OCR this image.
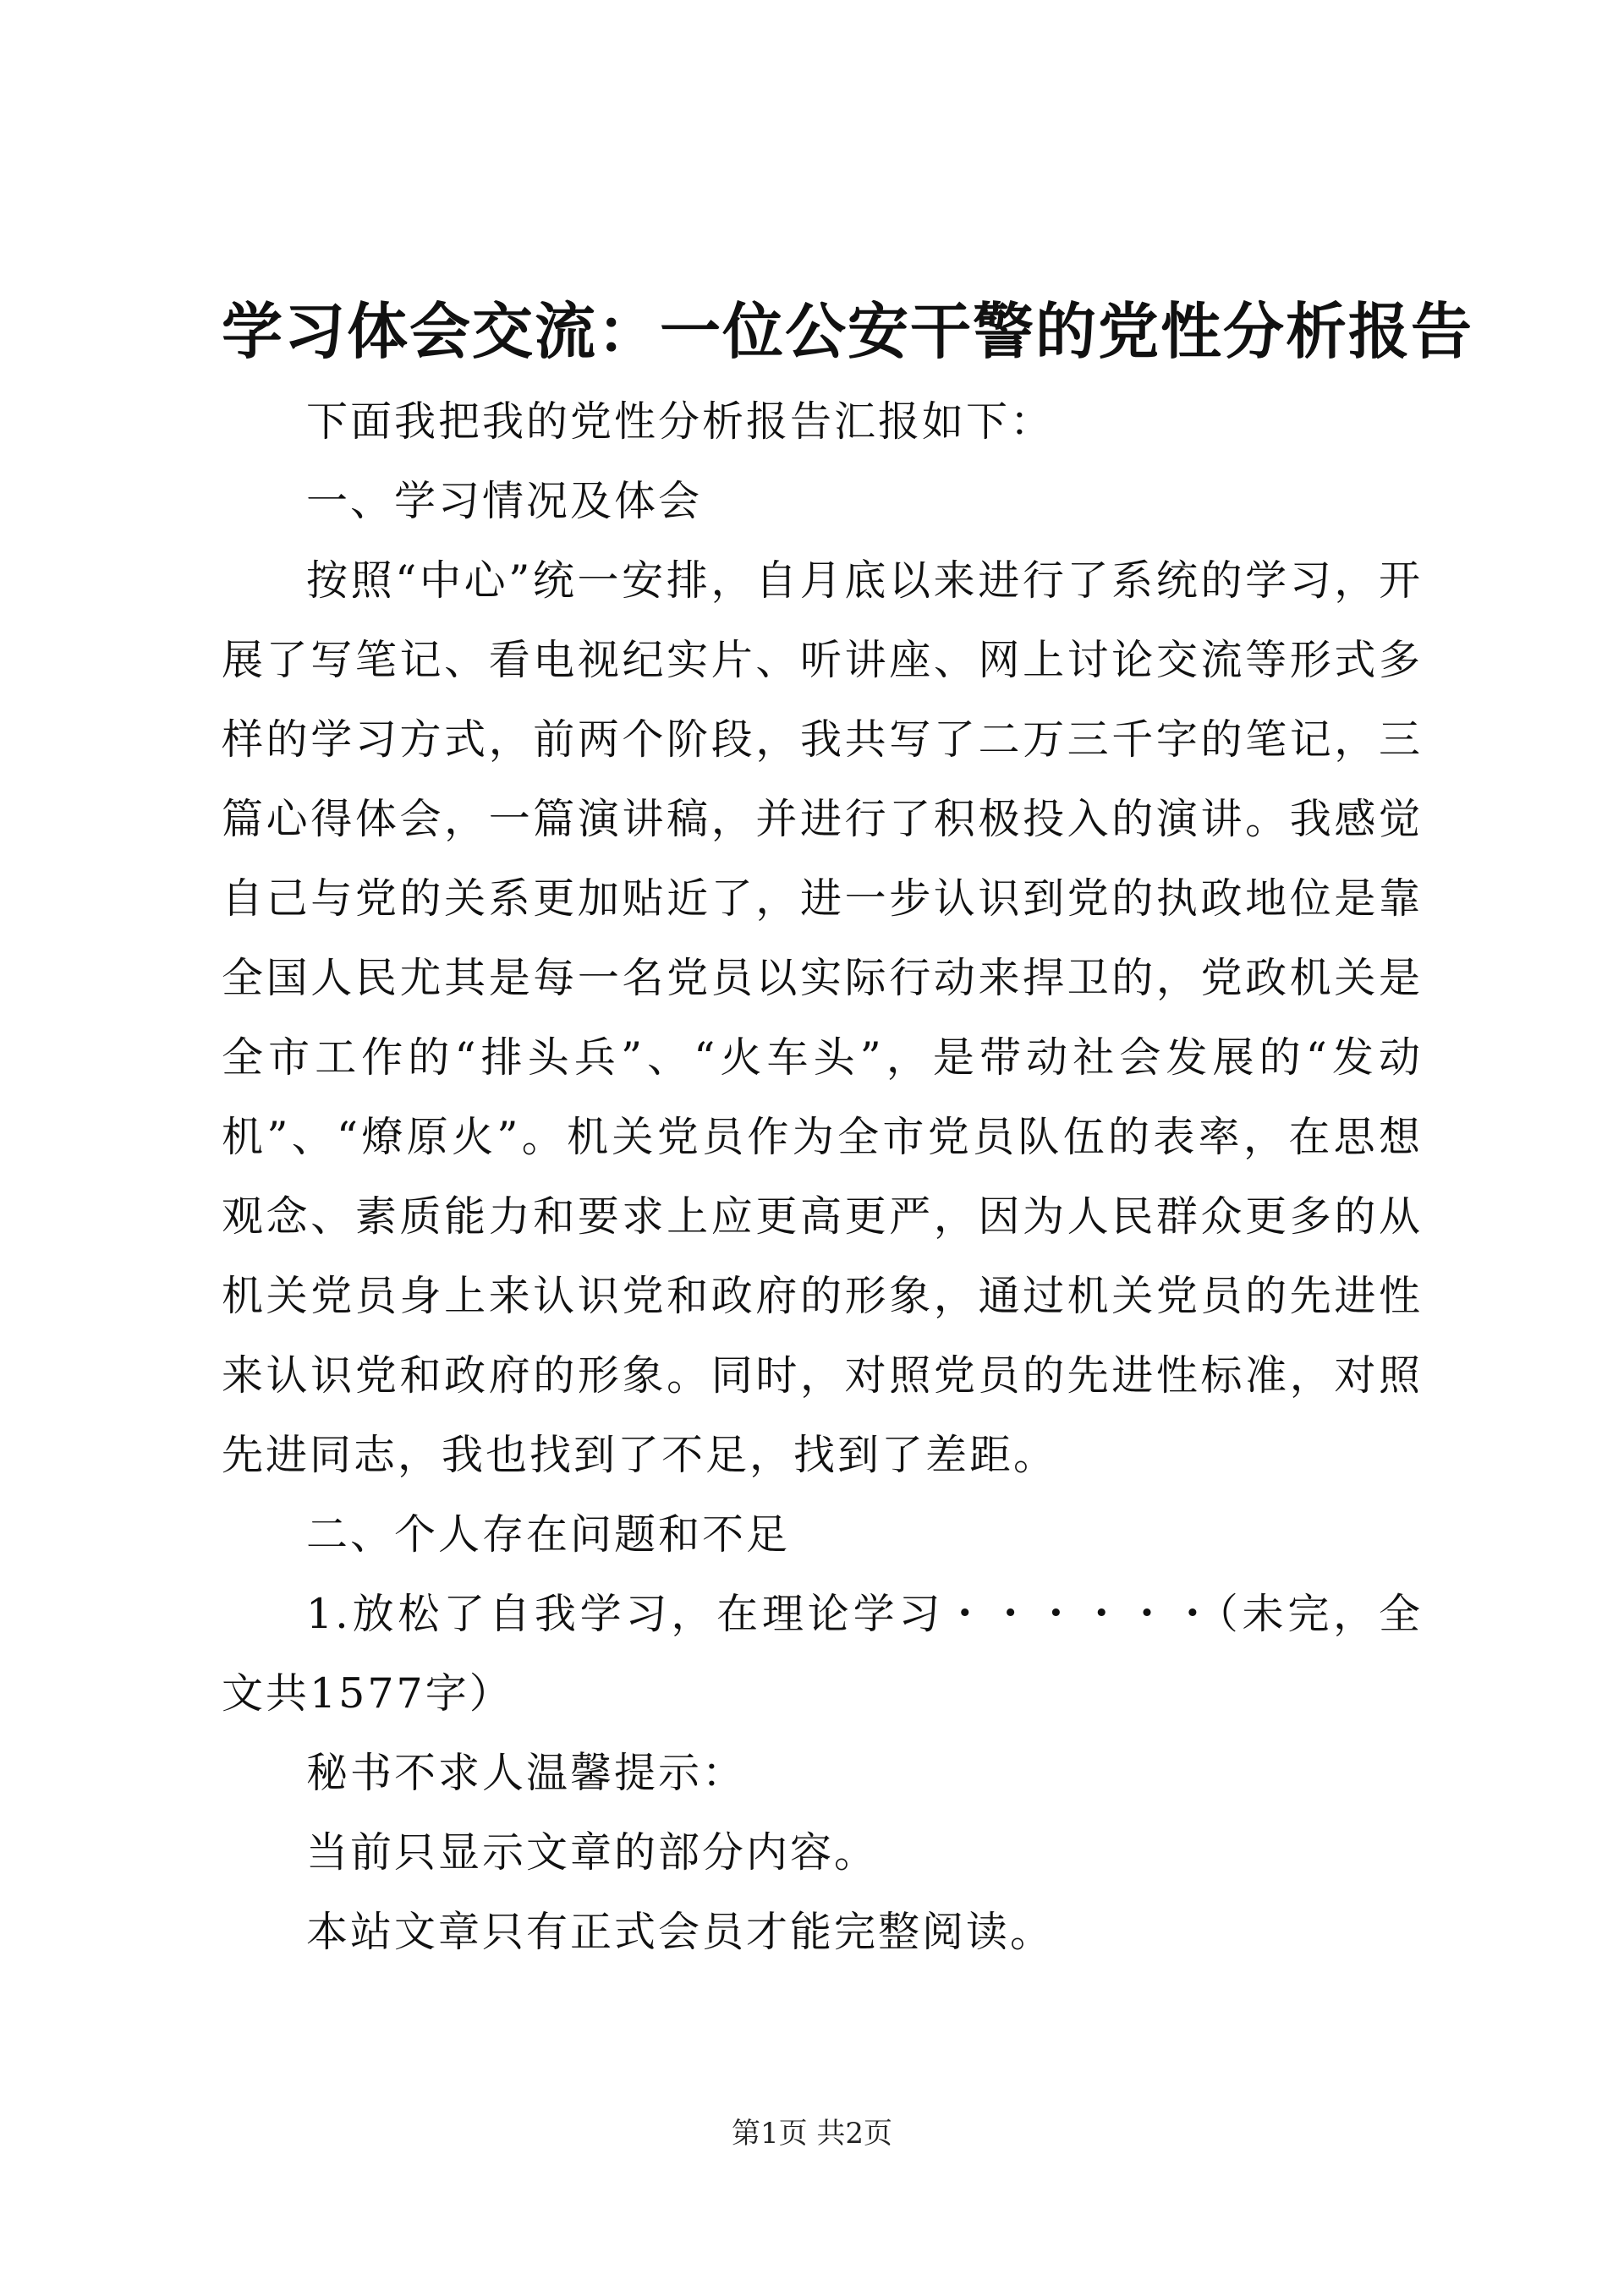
学习体会交流：一位公安干警的党性分析报告

下面我把我的党性分析报告汇报如下：

一、学习情况及体会

按照“中心”统一安排，自月底以来进行了系统的学习，开展了写笔记、看电视纪实片、听讲座、网上讨论交流等形式多样的学习方式，前两个阶段，我共写了二万三千字的笔记，三篇心得体会，一篇演讲稿，并进行了积极投入的演讲。我感觉自己与党的关系更加贴近了，进一步认识到党的执政地位是靠全国人民尤其是每一名党员以实际行动来捍卫的，党政机关是全市工作的“排头兵”、“火车头”，是带动社会发展的“发动机”、“燎原火”。机关党员作为全市党员队伍的表率，在思想观念、素质能力和要求上应更高更严，因为人民群众更多的从机关党员身上来认识党和政府的形象，通过机关党员的先进性来认识党和政府的形象。同时，对照党员的先进性标准，对照先进同志，我也找到了不足，找到了差距。

二、个人存在问题和不足

1.放松了自我学习，在理论学习・・・・・・（未完，全文共1577字）

秘书不求人温馨提示：

当前只显示文章的部分内容。

本站文章只有正式会员才能完整阅读。

第1页 共2页
